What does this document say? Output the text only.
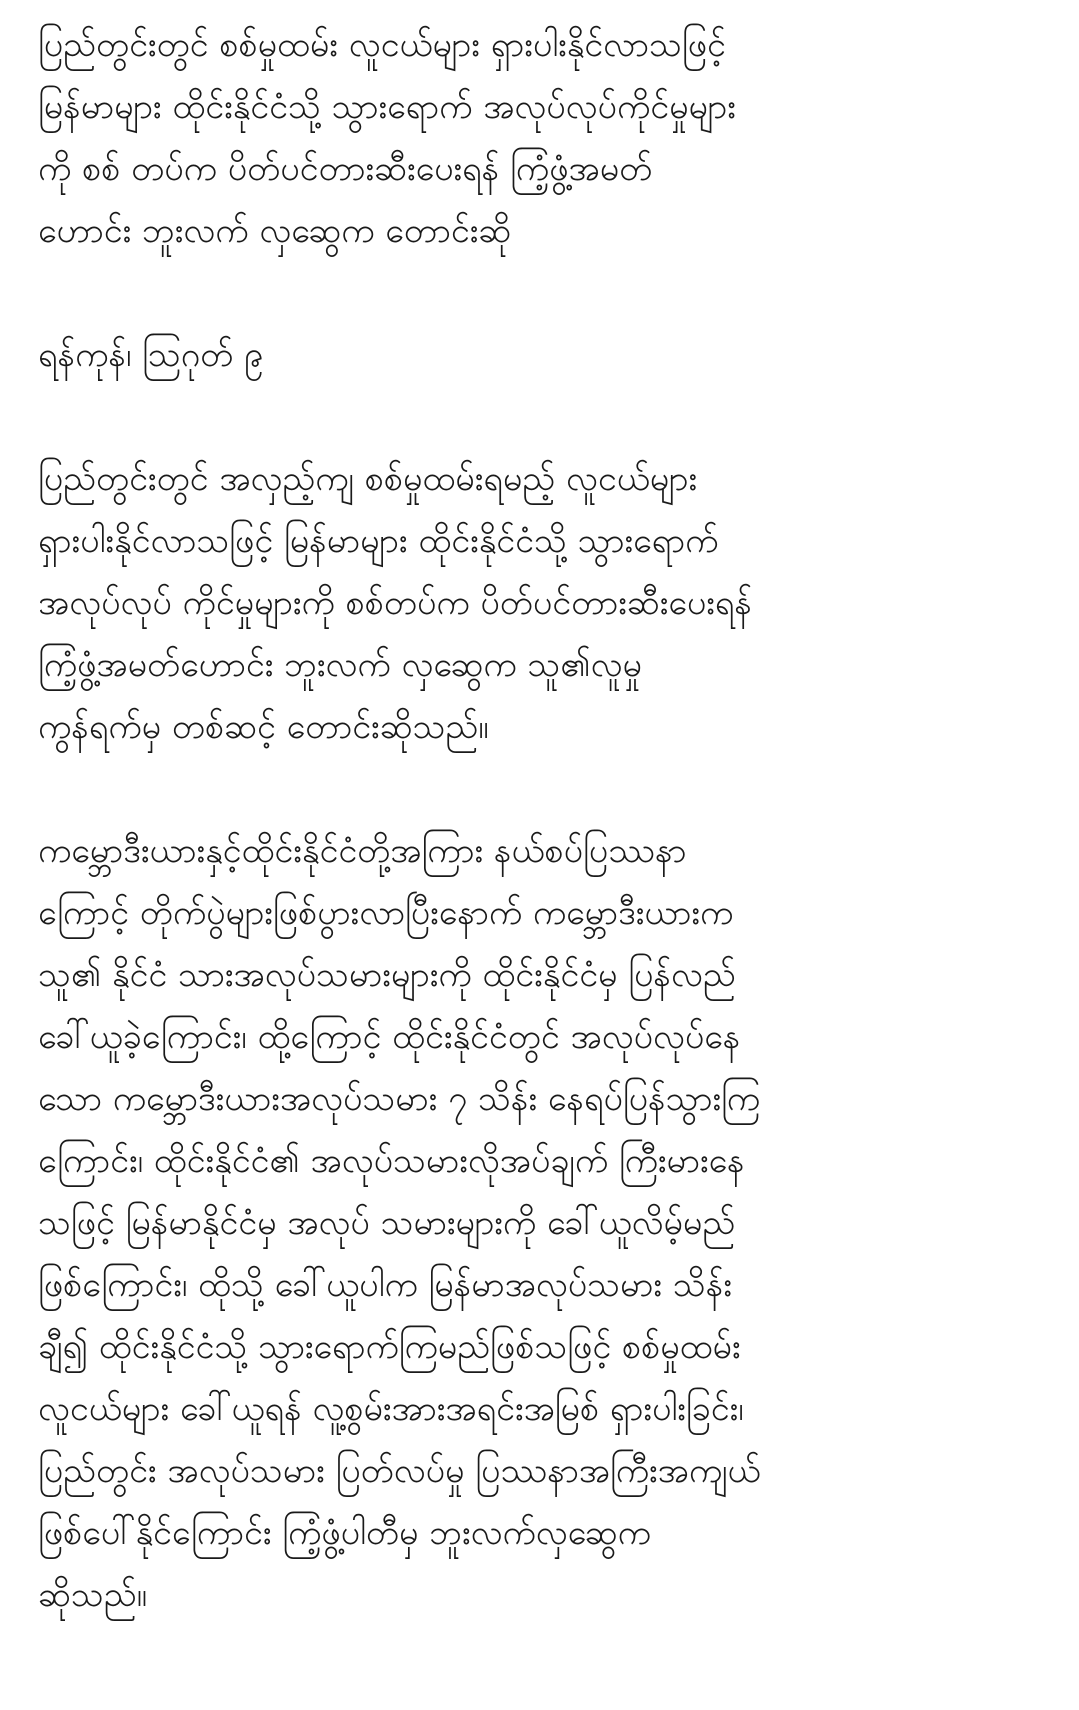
ပြည်တွင်းတွင် စစ်မှုထမ်း လူငယ်များ ရှားပါးနိုင်လာသဖြင့်
မြန်မာများ ထိုင်းနိုင်ငံသို့ သွားရောက် အလုပ်လုပ်ကိုင်မှုများ
ကို စစ် တပ်က ပိတ်ပင်တားဆီးပေးရန် ကြံ့ဖွံ့အမတ်
ဟောင်း ဘူးလက် လှဆွေက တောင်းဆို
ရန်ကုန်၊ ဩဂုတ် ၉
ပြည်တွင်းတွင် အလှည့်ကျ စစ်မှုထမ်းရမည့် လူငယ်များ
ရှားပါးနိုင်လာသဖြင့် မြန်မာများ ထိုင်းနိုင်ငံသို့ သွားရောက်
အလုပ်လုပ် ကိုင်မှုများကို စစ်တပ်က ပိတ်ပင်တားဆီးပေးရန်
ကြံ့ဖွံ့အမတ်ဟောင်း ဘူးလက် လှဆွေက သူ၏လူမှု
ကွန်ရက်မှ တစ်ဆင့် တောင်းဆိုသည်။
ကမ္ဘောဒီးယားနှင့်ထိုင်းနိုင်ငံတို့အကြား နယ်စပ်ပြဿနာ
ကြောင့် တိုက်ပွဲများဖြစ်ပွားလာပြီးနောက် ကမ္ဘောဒီးယားက
သူ၏ နိုင်ငံ သားအလုပ်သမားများကို ထိုင်းနိုင်ငံမှ ပြန်လည်
ခေါ်ယူခဲ့ကြောင်း၊ ထို့ကြောင့် ထိုင်းနိုင်ငံတွင် အလုပ်လုပ်နေ
သော ကမ္ဘောဒီးယားအလုပ်သမား ၇ သိန်း နေရပ်ပြန်သွားကြ
ကြောင်း၊ ထိုင်းနိုင်ငံ၏ အလုပ်သမားလိုအပ်ချက် ကြီးမားနေ
သဖြင့် မြန်မာနိုင်ငံမှ အလုပ် သမားများကို ခေါ်ယူလိမ့်မည်
ဖြစ်ကြောင်း၊ ထိုသို့ ခေါ်ယူပါက မြန်မာအလုပ်သမား သိန်း
ချီ၍ ထိုင်းနိုင်ငံသို့ သွားရောက်ကြမည်ဖြစ်သဖြင့် စစ်မှုထမ်း
လူငယ်များ ခေါ်ယူရန် လူ့စွမ်းအားအရင်းအမြစ် ရှားပါးခြင်း၊
ပြည်တွင်း အလုပ်သမား ပြတ်လပ်မှု ပြဿနာအကြီးအကျယ်
ဖြစ်ပေါ်နိုင်ကြောင်း ကြံ့ဖွံ့ပါတီမှ ဘူးလက်လှဆွေက
ဆိုသည်။
